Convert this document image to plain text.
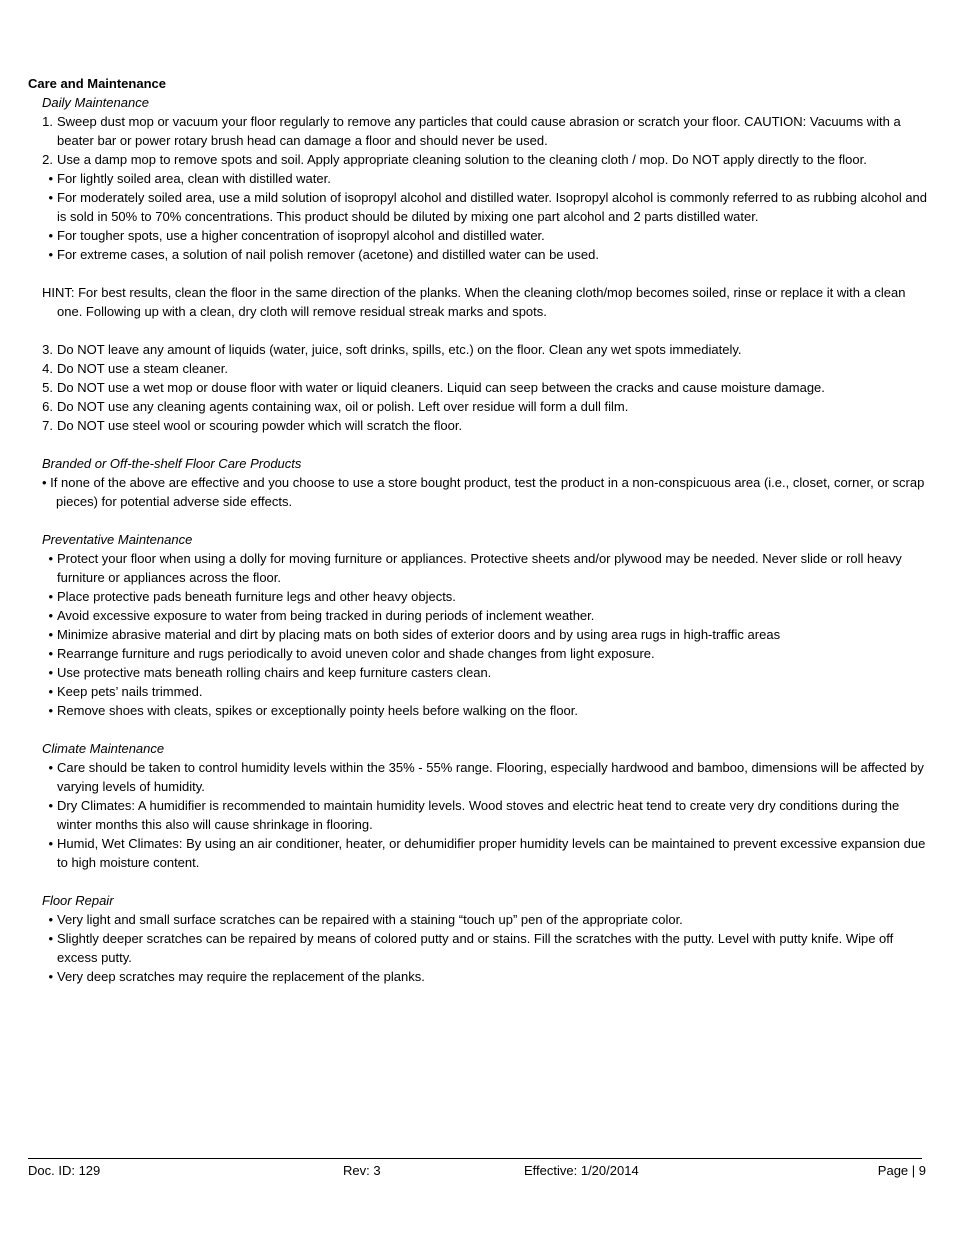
Care and Maintenance
Daily Maintenance
1. Sweep dust mop or vacuum your floor regularly to remove any particles that could cause abrasion or scratch your floor. CAUTION: Vacuums with a beater bar or power rotary brush head can damage a floor and should never be used.
2. Use a damp mop to remove spots and soil. Apply appropriate cleaning solution to the cleaning cloth / mop. Do NOT apply directly to the floor.
• For lightly soiled area, clean with distilled water.
• For moderately soiled area, use a mild solution of isopropyl alcohol and distilled water. Isopropyl alcohol is commonly referred to as rubbing alcohol and is sold in 50% to 70% concentrations. This product should be diluted by mixing one part alcohol and 2 parts distilled water.
• For tougher spots, use a higher concentration of isopropyl alcohol and distilled water.
• For extreme cases, a solution of nail polish remover (acetone) and distilled water can be used.
HINT: For best results, clean the floor in the same direction of the planks. When the cleaning cloth/mop becomes soiled, rinse or replace it with a clean one. Following up with a clean, dry cloth will remove residual streak marks and spots.
3. Do NOT leave any amount of liquids (water, juice, soft drinks, spills, etc.) on the floor. Clean any wet spots immediately.
4. Do NOT use a steam cleaner.
5. Do NOT use a wet mop or douse floor with water or liquid cleaners. Liquid can seep between the cracks and cause moisture damage.
6. Do NOT use any cleaning agents containing wax, oil or polish. Left over residue will form a dull film.
7. Do NOT use steel wool or scouring powder which will scratch the floor.
Branded or Off-the-shelf Floor Care Products
• If none of the above are effective and you choose to use a store bought product, test the product in a non-conspicuous area (i.e., closet, corner, or scrap pieces) for potential adverse side effects.
Preventative Maintenance
• Protect your floor when using a dolly for moving furniture or appliances. Protective sheets and/or plywood may be needed. Never slide or roll heavy furniture or appliances across the floor.
• Place protective pads beneath furniture legs and other heavy objects.
• Avoid excessive exposure to water from being tracked in during periods of inclement weather.
• Minimize abrasive material and dirt by placing mats on both sides of exterior doors and by using area rugs in high-traffic areas
• Rearrange furniture and rugs periodically to avoid uneven color and shade changes from light exposure.
• Use protective mats beneath rolling chairs and keep furniture casters clean.
• Keep pets’ nails trimmed.
• Remove shoes with cleats, spikes or exceptionally pointy heels before walking on the floor.
Climate Maintenance
• Care should be taken to control humidity levels within the 35% - 55% range. Flooring, especially hardwood and bamboo, dimensions will be affected by varying levels of humidity.
• Dry Climates: A humidifier is recommended to maintain humidity levels. Wood stoves and electric heat tend to create very dry conditions during the winter months this also will cause shrinkage in flooring.
• Humid, Wet Climates: By using an air conditioner, heater, or dehumidifier proper humidity levels can be maintained to prevent excessive expansion due to high moisture content.
Floor Repair
• Very light and small surface scratches can be repaired with a staining “touch up” pen of the appropriate color.
• Slightly deeper scratches can be repaired by means of colored putty and or stains. Fill the scratches with the putty. Level with putty knife. Wipe off excess putty.
• Very deep scratches may require the replacement of the planks.
Doc. ID: 129	Rev: 3	Effective: 1/20/2014	Page | 9
